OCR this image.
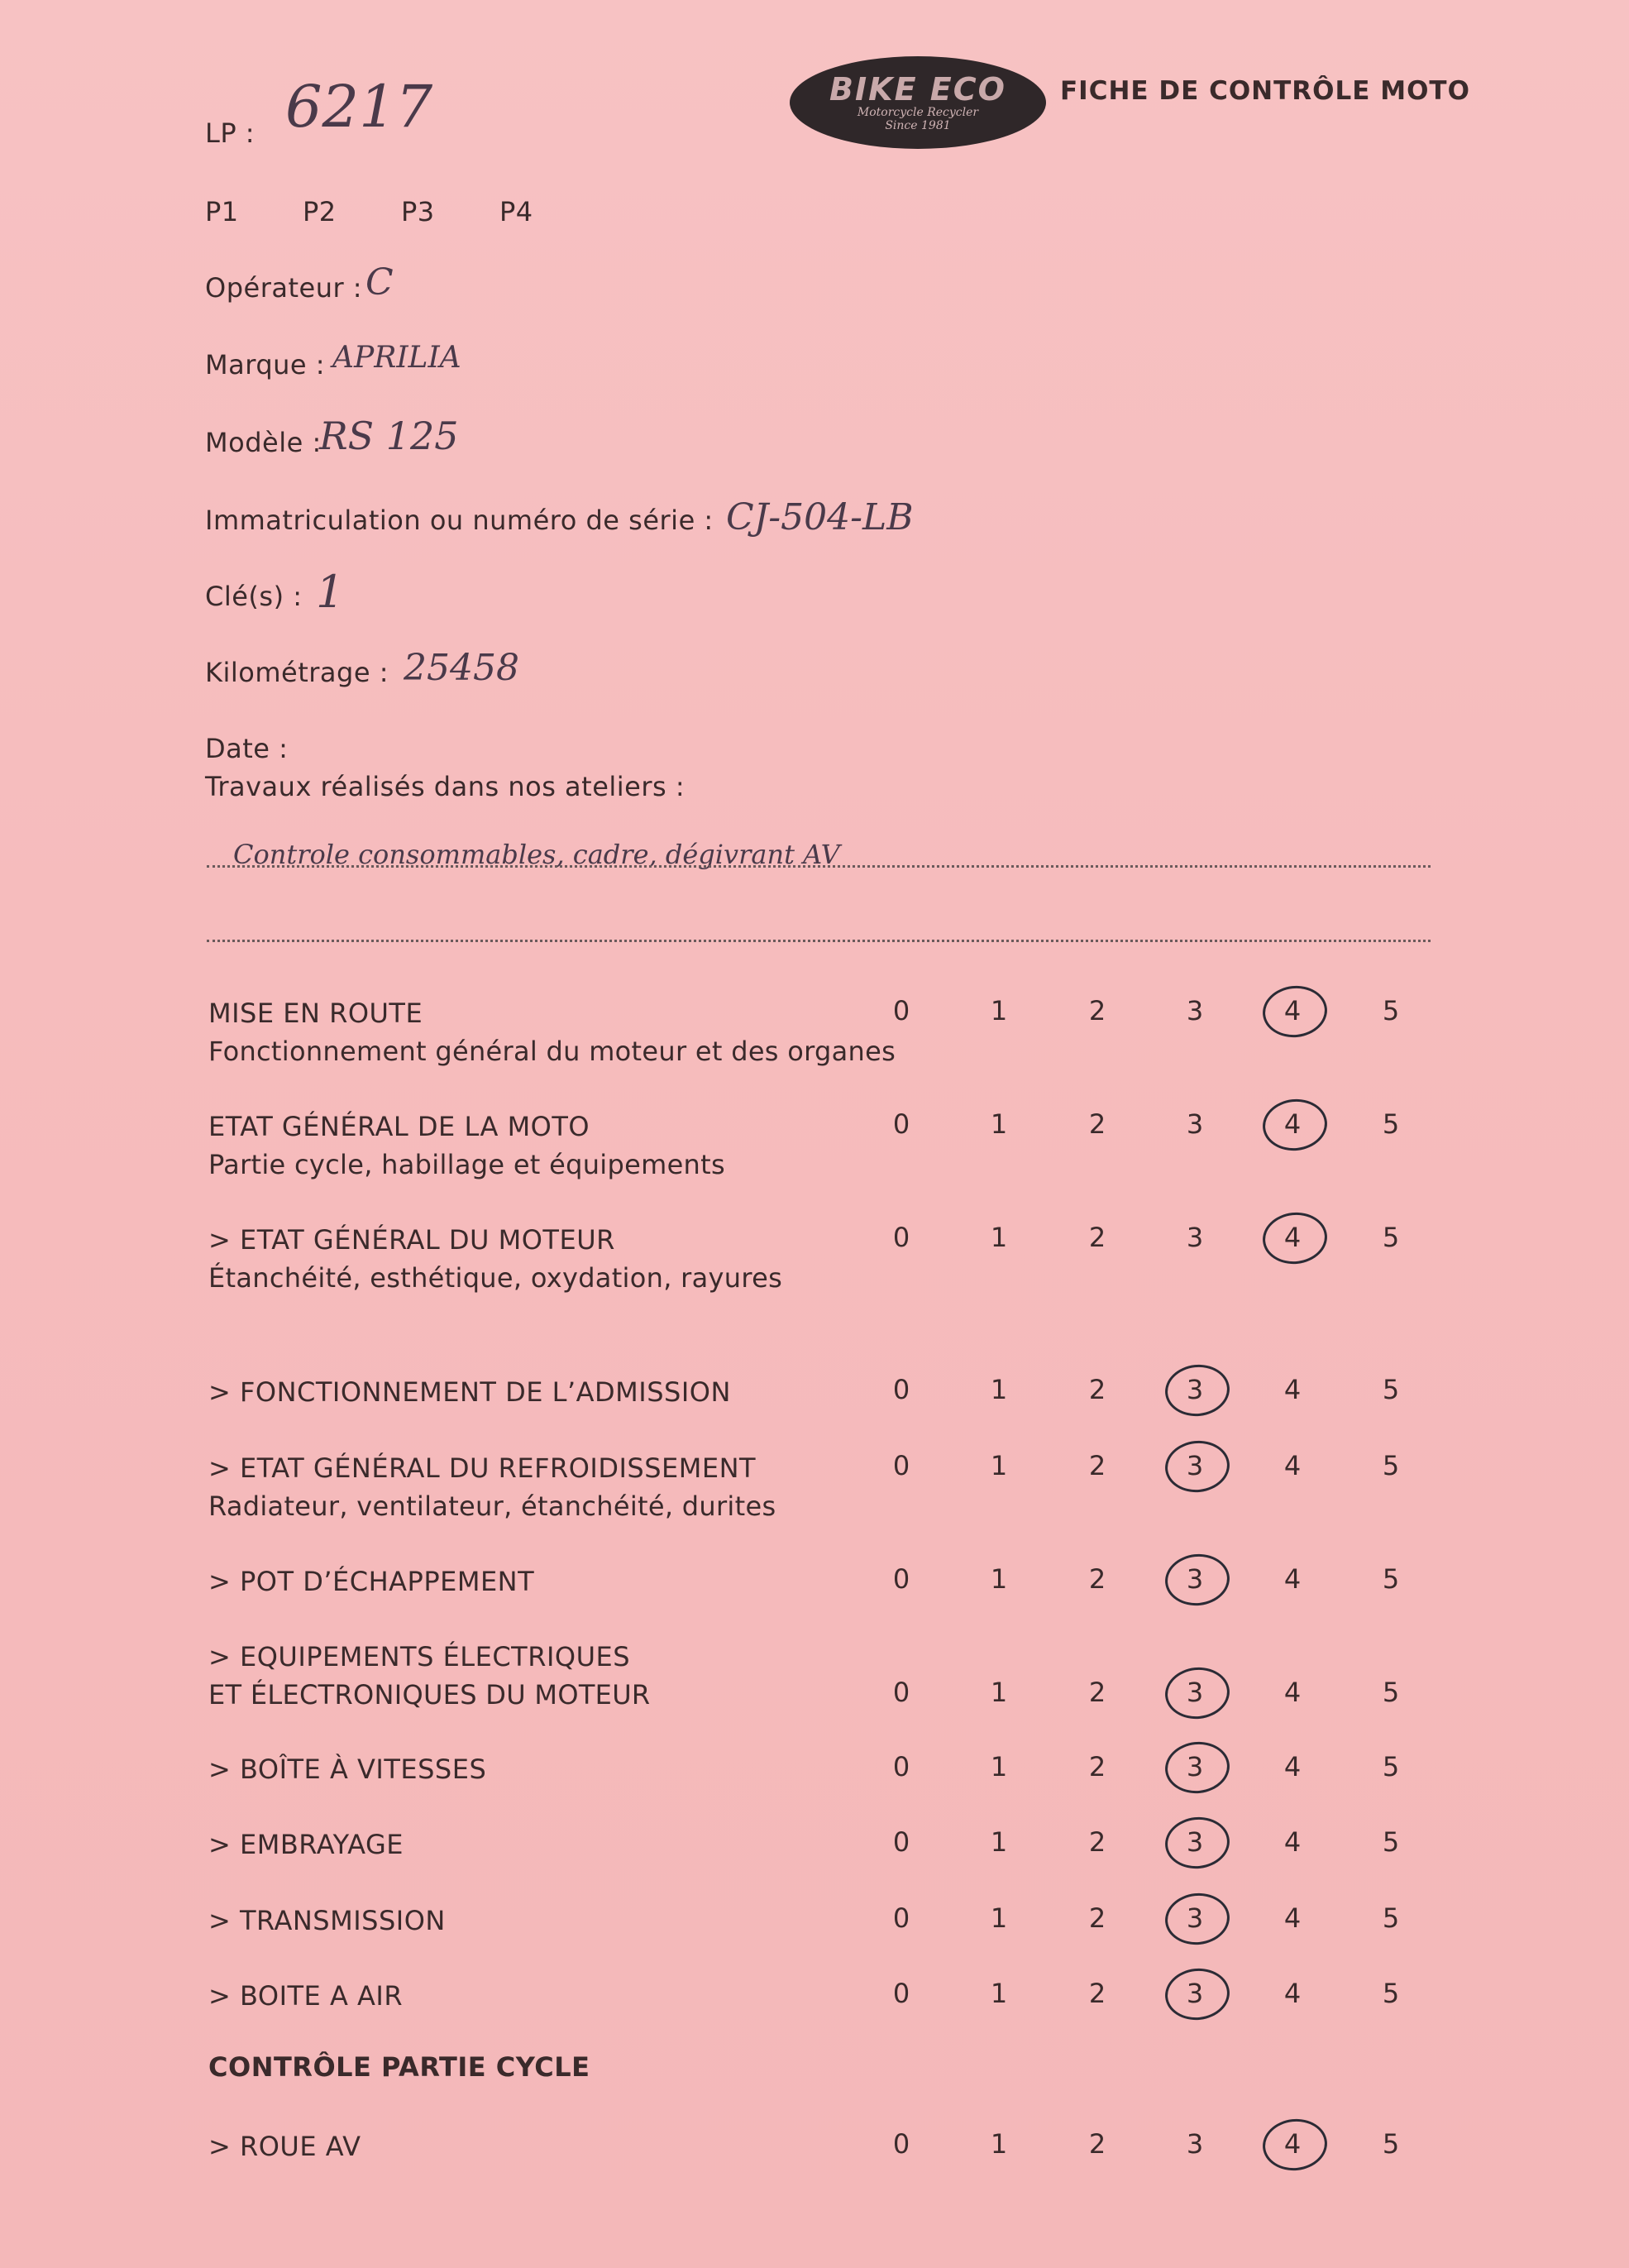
BIKE ECO
Motorcycle Recycler
Since 1981
FICHE DE CONTRÔLE MOTO
LP : 6217
P1 P2 P3 P4
Opérateur : C
Marque : APRILIA
Modèle :
RS 125
Immatriculation ou numéro de série : CJ-504-LB
Clé(s) : 1
Kilométrage : 25458
Date :
Travaux réalisés dans nos ateliers :
Controle consommables, cadre, dégivrant AV
MISE EN ROUTE
Fonctionnement général du moteur et des organes
0	1	2	3	4	5
ETAT GÉNÉRAL DE LA MOTO
Partie cycle, habillage et équipements
0	1	2	3	4	5
> ETAT GÉNÉRAL DU MOTEUR
Étanchéité, esthétique, oxydation, rayures
0	1	2	3	4	5
> FONCTIONNEMENT DE L’ADMISSION	0	1	2	3	4	5
> ETAT GÉNÉRAL DU REFROIDISSEMENT
Radiateur, ventilateur, étanchéité, durites
0	1	2	3	4	5
> POT D’ÉCHAPPEMENT	0	1	2	3	4	5
> EQUIPEMENTS ÉLECTRIQUES
ET ÉLECTRONIQUES DU MOTEUR	0	1	2	3	4	5
> BOÎTE À VITESSES	0	1	2	3	4	5
> EMBRAYAGE	0	1	2	3	4	5
> TRANSMISSION	0	1	2	3	4	5
> BOITE A AIR	0	1	2	3	4	5
> ROUE AV	0	1	2	3	4	5
CONTRÔLE PARTIE CYCLE
